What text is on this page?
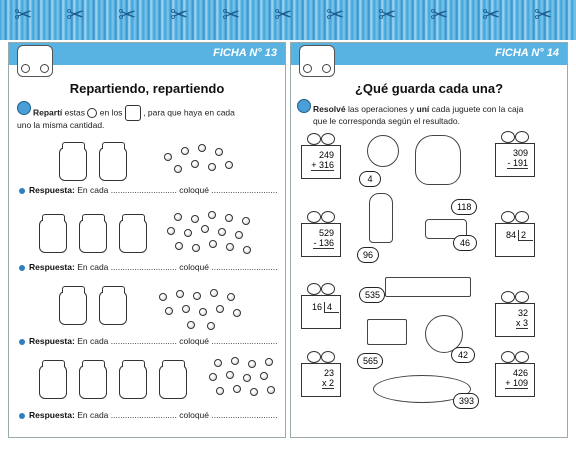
✂ ✂ ✂ ✂ ✂ ✂ ✂ ✂ ✂ ✂ ✂
FICHA N° 13
Repartiendo, repartiendo
Repartí estas en los , para que haya en cada
uno la misma cantidad.
Respuesta: En cada ............................ coloqué ............................
Respuesta: En cada ............................ coloqué ............................
Respuesta: En cada ............................ coloqué ............................
Respuesta: En cada ............................ coloqué ............................
FICHA N° 14
¿Qué guarda cada una?
Resolvé las operaciones y uní cada juguete con la caja
que le corresponda según el resultado.
249
+ 316
309
- 191
529
- 136
84 2
16 4
32
x 3
23
x 2
426
+ 109
4
118
46
96
535
565
42
393
